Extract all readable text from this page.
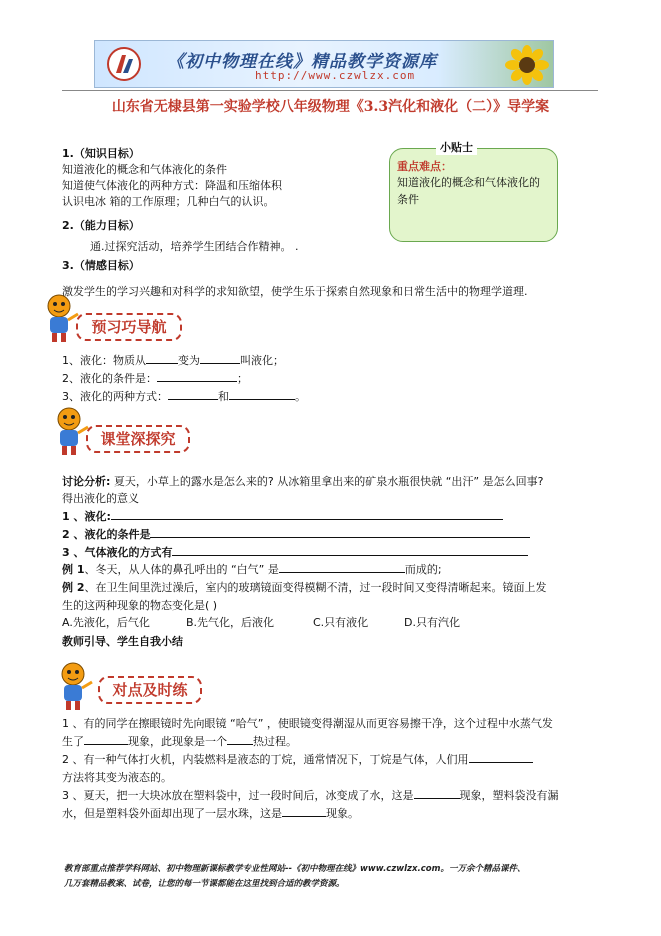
《初中物理在线》精品教学资源库
http://www.czwlzx.com
山东省无棣县第一实验学校八年级物理《3.3汽化和液化（二）》导学案
1.（知识目标）
知道液化的概念和气体液化的条件
知道使气体液化的两种方式：降温和压缩体积
认识电冰 箱的工作原理；几种白气的认识。
2.（能力目标）
通.过探究活动，培养学生团结合作精神。 .
3.（情感目标）
激发学生的学习兴趣和对科学的求知欲望，使学生乐于探索自然现象和日常生活中的物理学道理.
小贴士
重点难点：
知道液化的概念和气体液化的条件
预习巧导航
1、液化：物质从	变为	叫液化；
2、液化的条件是：	；
3、液化的两种方式：	和	。
课堂深探究
讨论分析: 夏天，小草上的露水是怎么来的? 从冰箱里拿出来的矿泉水瓶很快就 “出汗” 是怎么回事?
得出液化的意义
1 、液化:
2 、液化的条件是
3 、气体液化的方式有
例 1、冬天，从人体的鼻孔呼出的 “白气” 是	而成的;
例 2、在卫生间里洗过澡后，室内的玻璃镜面变得模糊不清，过一段时间又变得清晰起来。镜面上发
生的这两种现象的物态变化是( )
A.先液化，后气化	B.先气化，后液化	C.只有液化	D.只有汽化
教师引导、学生自我小结
对点及时练
1 、有的同学在擦眼镜时先向眼镜 “哈气” ，使眼镜变得潮湿从而更容易擦干净，这个过程中水蒸气发
生了	现象，此现象是一个 热过程。
2 、有一种气体打火机，内装燃料是液态的丁烷，通常情况下，丁烷是气体，人们用
方法将其变为液态的。
3 、夏天，把一大块冰放在塑料袋中，过一段时间后，冰变成了水，这是	现象，塑料袋没有漏
水，但是塑料袋外面却出现了一层水珠，这是	现象。
教育部重点推荐学科网站、初中物理新课标教学专业性网站--《初中物理在线》www.czwlzx.com。一万余个精品课件、
几万套精品教案、试卷，让您的每一节课都能在这里找到合适的教学资源。
